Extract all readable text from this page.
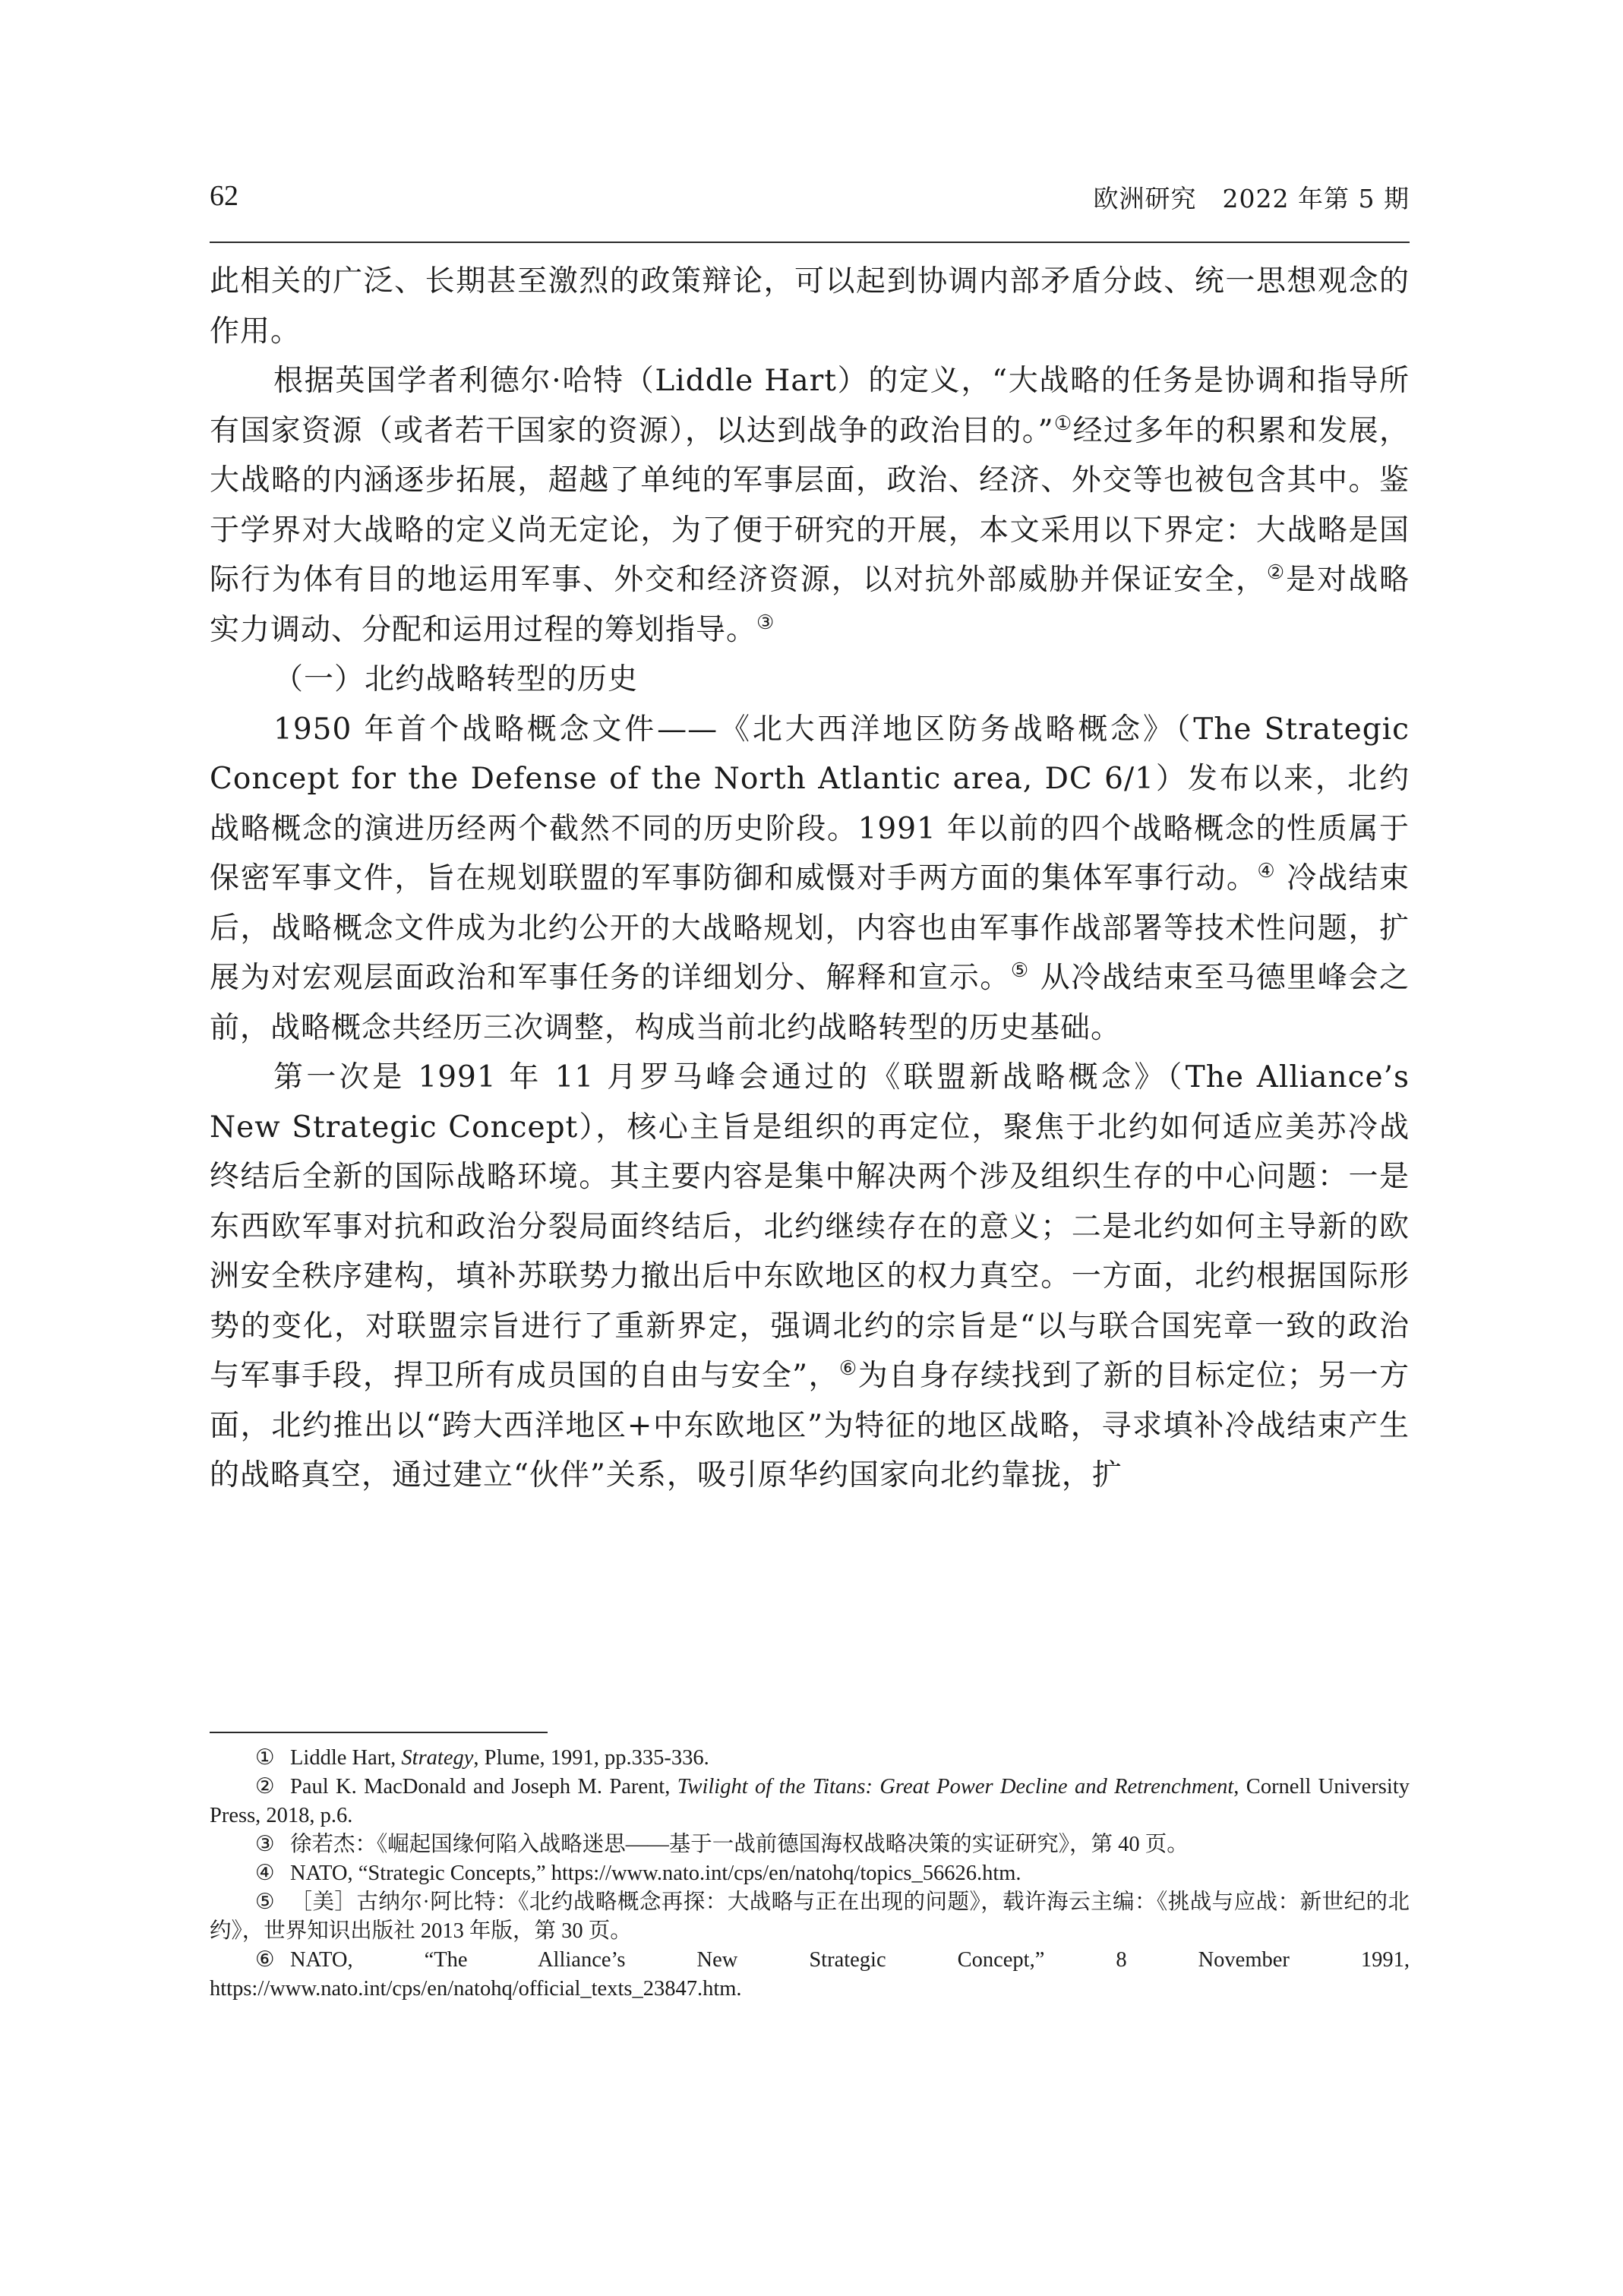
62	欧洲研究　2022 年第 5 期

此相关的广泛、长期甚至激烈的政策辩论，可以起到协调内部矛盾分歧、统一思想观念的作用。

根据英国学者利德尔·哈特（Liddle Hart）的定义，“大战略的任务是协调和指导所有国家资源（或者若干国家的资源），以达到战争的政治目的。”①经过多年的积累和发展，大战略的内涵逐步拓展，超越了单纯的军事层面，政治、经济、外交等也被包含其中。鉴于学界对大战略的定义尚无定论，为了便于研究的开展，本文采用以下界定：大战略是国际行为体有目的地运用军事、外交和经济资源，以对抗外部威胁并保证安全，②是对战略实力调动、分配和运用过程的筹划指导。③

（一）北约战略转型的历史

1950 年首个战略概念文件——《北大西洋地区防务战略概念》（The Strategic Concept for the Defense of the North Atlantic area, DC 6/1）发布以来，北约战略概念的演进历经两个截然不同的历史阶段。1991 年以前的四个战略概念的性质属于保密军事文件，旨在规划联盟的军事防御和威慑对手两方面的集体军事行动。④ 冷战结束后，战略概念文件成为北约公开的大战略规划，内容也由军事作战部署等技术性问题，扩展为对宏观层面政治和军事任务的详细划分、解释和宣示。⑤ 从冷战结束至马德里峰会之前，战略概念共经历三次调整，构成当前北约战略转型的历史基础。

第一次是 1991 年 11 月罗马峰会通过的《联盟新战略概念》（The Alliance’s New Strategic Concept），核心主旨是组织的再定位，聚焦于北约如何适应美苏冷战终结后全新的国际战略环境。其主要内容是集中解决两个涉及组织生存的中心问题：一是东西欧军事对抗和政治分裂局面终结后，北约继续存在的意义；二是北约如何主导新的欧洲安全秩序建构，填补苏联势力撤出后中东欧地区的权力真空。一方面，北约根据国际形势的变化，对联盟宗旨进行了重新界定，强调北约的宗旨是“以与联合国宪章一致的政治与军事手段，捍卫所有成员国的自由与安全”，⑥为自身存续找到了新的目标定位；另一方面，北约推出以“跨大西洋地区+中东欧地区”为特征的地区战略，寻求填补冷战结束产生的战略真空，通过建立“伙伴”关系，吸引原华约国家向北约靠拢，扩

① Liddle Hart, Strategy, Plume, 1991, pp.335-336.

② Paul K. MacDonald and Joseph M. Parent, Twilight of the Titans: Great Power Decline and Retrenchment, Cornell University Press, 2018, p.6.

③ 徐若杰：《崛起国缘何陷入战略迷思——基于一战前德国海权战略决策的实证研究》，第 40 页。

④ NATO, “Strategic Concepts,” https://www.nato.int/cps/en/natohq/topics_56626.htm.

⑤ ［美］古纳尔·阿比特：《北约战略概念再探：大战略与正在出现的问题》，载许海云主编：《挑战与应战：新世纪的北约》，世界知识出版社 2013 年版，第 30 页。

⑥ NATO, “The Alliance’s New Strategic Concept,” 8 November 1991, https://www.nato.int/cps/en/natohq/official_texts_23847.htm.
